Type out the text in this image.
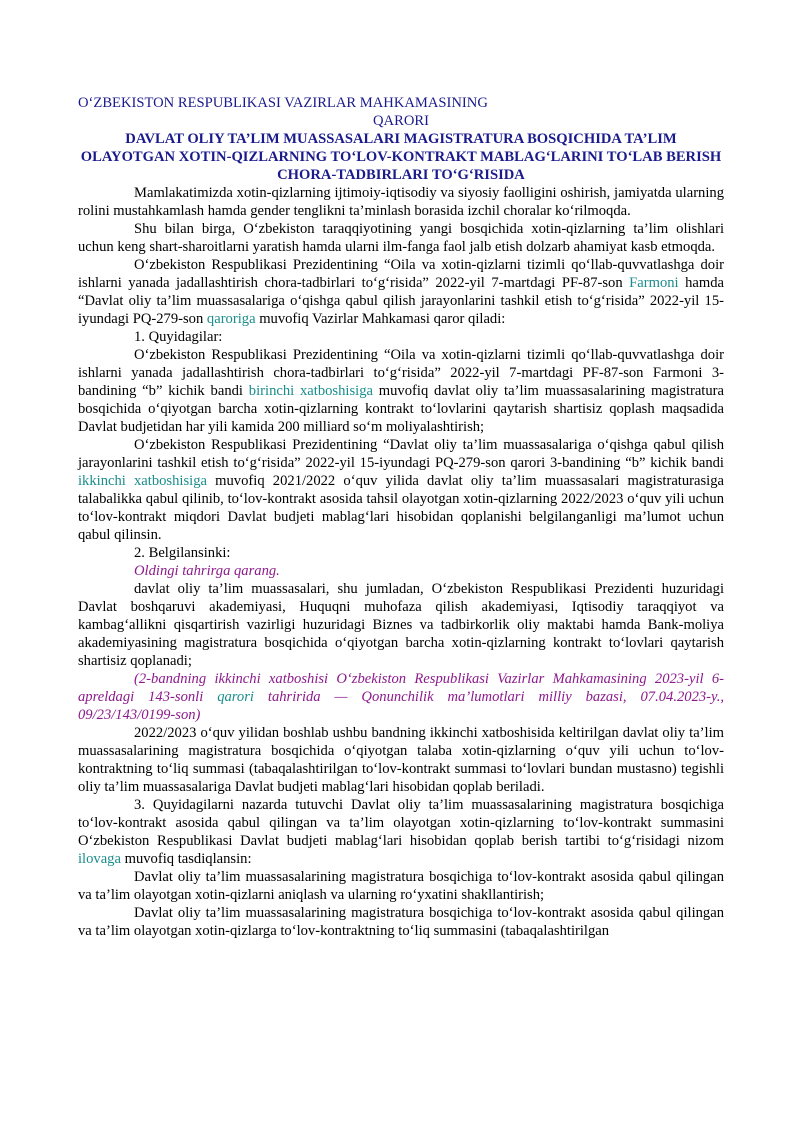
O‘ZBEKISTON RESPUBLIKASI VAZIRLAR MAHKAMASINING
QARORI
DAVLAT OLIY TA’LIM MUASSASALARI MAGISTRATURA BOSQICHIDA TA’LIM OLAYOTGAN XOTIN-QIZLARNING TO‘LOV-KONTRAKT MABLAG‘LARINI TO‘LAB BERISH CHORA-TADBIRLARI TO‘G‘RISIDA

Mamlakatimizda xotin-qizlarning ijtimoiy-iqtisodiy va siyosiy faolligini oshirish, jamiyatda ularning rolini mustahkamlash hamda gender tenglikni ta’minlash borasida izchil choralar ko‘rilmoqda.

Shu bilan birga, O‘zbekiston taraqqiyotining yangi bosqichida xotin-qizlarning ta’lim olishlari uchun keng shart-sharoitlarni yaratish hamda ularni ilm-fanga faol jalb etish dolzarb ahamiyat kasb etmoqda.

O‘zbekiston Respublikasi Prezidentining “Oila va xotin-qizlarni tizimli qo‘llab-quvvatlashga doir ishlarni yanada jadallashtirish chora-tadbirlari to‘g‘risida” 2022-yil 7-martdagi PF-87-son Farmoni hamda “Davlat oliy ta’lim muassasalariga o‘qishga qabul qilish jarayonlarini tashkil etish to‘g‘risida” 2022-yil 15-iyundagi PQ-279-son qaroriga muvofiq Vazirlar Mahkamasi qaror qiladi:

1. Quyidagilar:

O‘zbekiston Respublikasi Prezidentining “Oila va xotin-qizlarni tizimli qo‘llab-quvvatlashga doir ishlarni yanada jadallashtirish chora-tadbirlari to‘g‘risida” 2022-yil 7-martdagi PF-87-son Farmoni 3-bandining “b” kichik bandi birinchi xatboshisiga muvofiq davlat oliy ta’lim muassasalarining magistratura bosqichida o‘qiyotgan barcha xotin-qizlarning kontrakt to‘lovlarini qaytarish shartisiz qoplash maqsadida Davlat budjetidan har yili kamida 200 milliard so‘m moliyalashtirish;

O‘zbekiston Respublikasi Prezidentining “Davlat oliy ta’lim muassasalariga o‘qishga qabul qilish jarayonlarini tashkil etish to‘g‘risida” 2022-yil 15-iyundagi PQ-279-son qarori 3-bandining “b” kichik bandi ikkinchi xatboshisiga muvofiq 2021/2022 o‘quv yilida davlat oliy ta’lim muassasalari magistraturasiga talabalikka qabul qilinib, to‘lov-kontrakt asosida tahsil olayotgan xotin-qizlarning 2022/2023 o‘quv yili uchun to‘lov-kontrakt miqdori Davlat budjeti mablag‘lari hisobidan qoplanishi belgilanganligi ma’lumot uchun qabul qilinsin.

2. Belgilansinki:

Oldingi tahrirga qarang.

davlat oliy ta’lim muassasalari, shu jumladan, O‘zbekiston Respublikasi Prezidenti huzuridagi Davlat boshqaruvi akademiyasi, Huquqni muhofaza qilish akademiyasi, Iqtisodiy taraqqiyot va kambag‘allikni qisqartirish vazirligi huzuridagi Biznes va tadbirkorlik oliy maktabi hamda Bank-moliya akademiyasining magistratura bosqichida o‘qiyotgan barcha xotin-qizlarning kontrakt to‘lovlari qaytarish shartisiz qoplanadi;

(2-bandning ikkinchi xatboshisi O‘zbekiston Respublikasi Vazirlar Mahkamasining 2023-yil 6-apreldagi 143-sonli qarori tahririda — Qonunchilik ma’lumotlari milliy bazasi, 07.04.2023-y., 09/23/143/0199-son)

2022/2023 o‘quv yilidan boshlab ushbu bandning ikkinchi xatboshisida keltirilgan davlat oliy ta’lim muassasalarining magistratura bosqichida o‘qiyotgan talaba xotin-qizlarning o‘quv yili uchun to‘lov-kontraktning to‘liq summasi (tabaqalashtirilgan to‘lov-kontrakt summasi to‘lovlari bundan mustasno) tegishli oliy ta’lim muassasalariga Davlat budjeti mablag‘lari hisobidan qoplab beriladi.

3. Quyidagilarni nazarda tutuvchi Davlat oliy ta’lim muassasalarining magistratura bosqichiga to‘lov-kontrakt asosida qabul qilingan va ta’lim olayotgan xotin-qizlarning to‘lov-kontrakt summasini O‘zbekiston Respublikasi Davlat budjeti mablag‘lari hisobidan qoplab berish tartibi to‘g‘risidagi nizom ilovaga muvofiq tasdiqlansin:

Davlat oliy ta’lim muassasalarining magistratura bosqichiga to‘lov-kontrakt asosida qabul qilingan va ta’lim olayotgan xotin-qizlarni aniqlash va ularning ro‘yxatini shakllantirish;

Davlat oliy ta’lim muassasalarining magistratura bosqichiga to‘lov-kontrakt asosida qabul qilingan va ta’lim olayotgan xotin-qizlarga to‘lov-kontraktning to‘liq summasini (tabaqalashtirilgan
